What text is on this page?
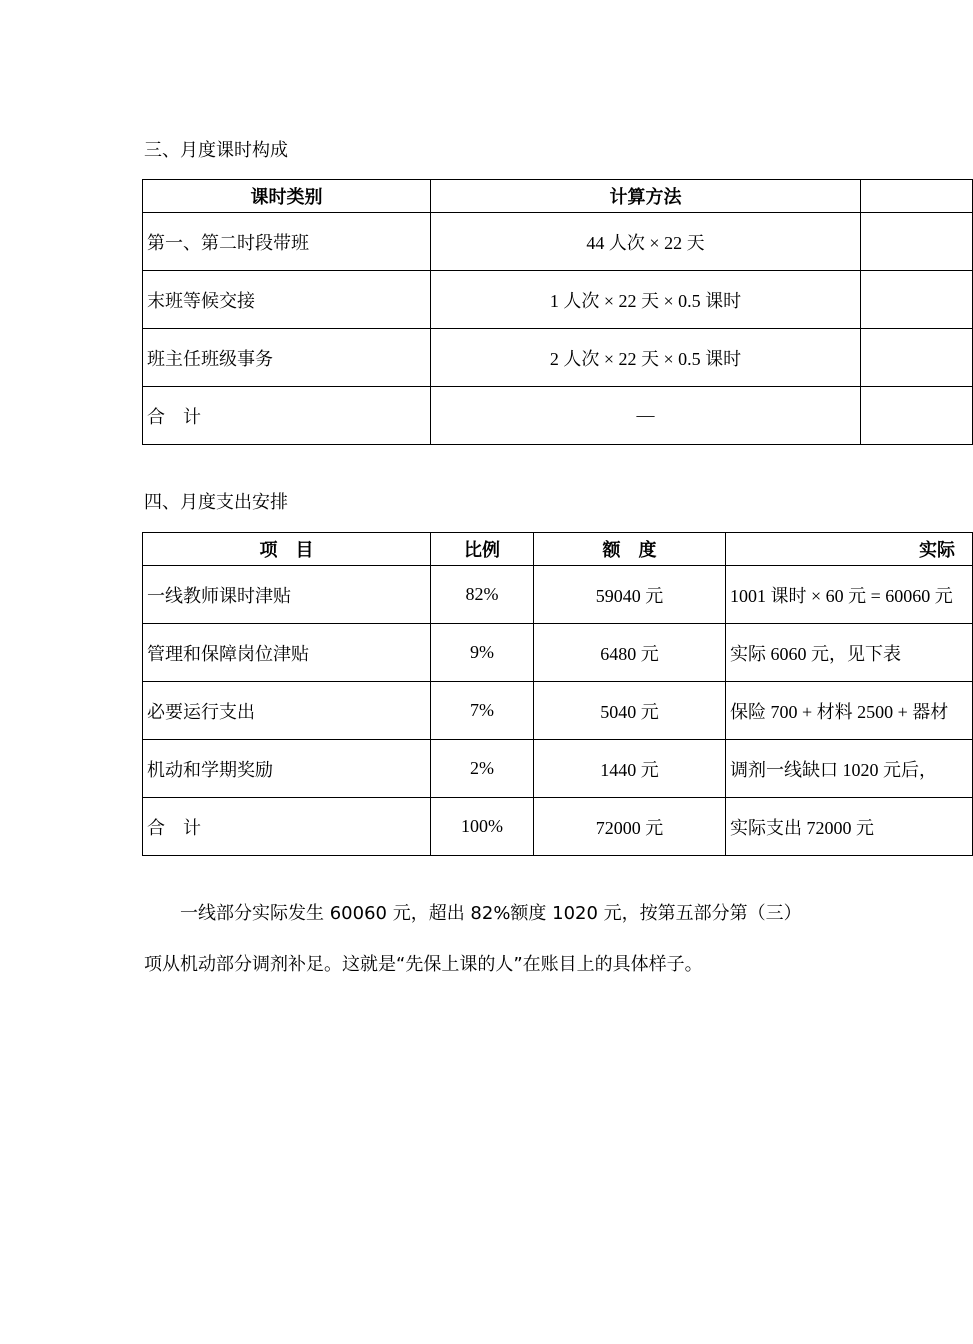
三、月度课时构成
课时类别	计算方法	
第一、第二时段带班	44 人次 × 22 天	
末班等候交接	1 人次 × 22 天 × 0.5 课时	
班主任班级事务	2 人次 × 22 天 × 0.5 课时	
合　计	—	
四、月度支出安排
项　目	比例	额　度	实际
一线教师课时津贴	82%	59040 元	1001 课时 × 60 元 = 60060 元
管理和保障岗位津贴	9%	6480 元	实际 6060 元，见下表
必要运行支出	7%	5040 元	保险 700 + 材料 2500 + 器材
机动和学期奖励	2%	1440 元	调剂一线缺口 1020 元后，
合　计	100%	72000 元	实际支出 72000 元
　　一线部分实际发生 60060 元，超出 82%额度 1020 元，按第五部分第（三）
项从机动部分调剂补足。这就是“先保上课的人”在账目上的具体样子。
